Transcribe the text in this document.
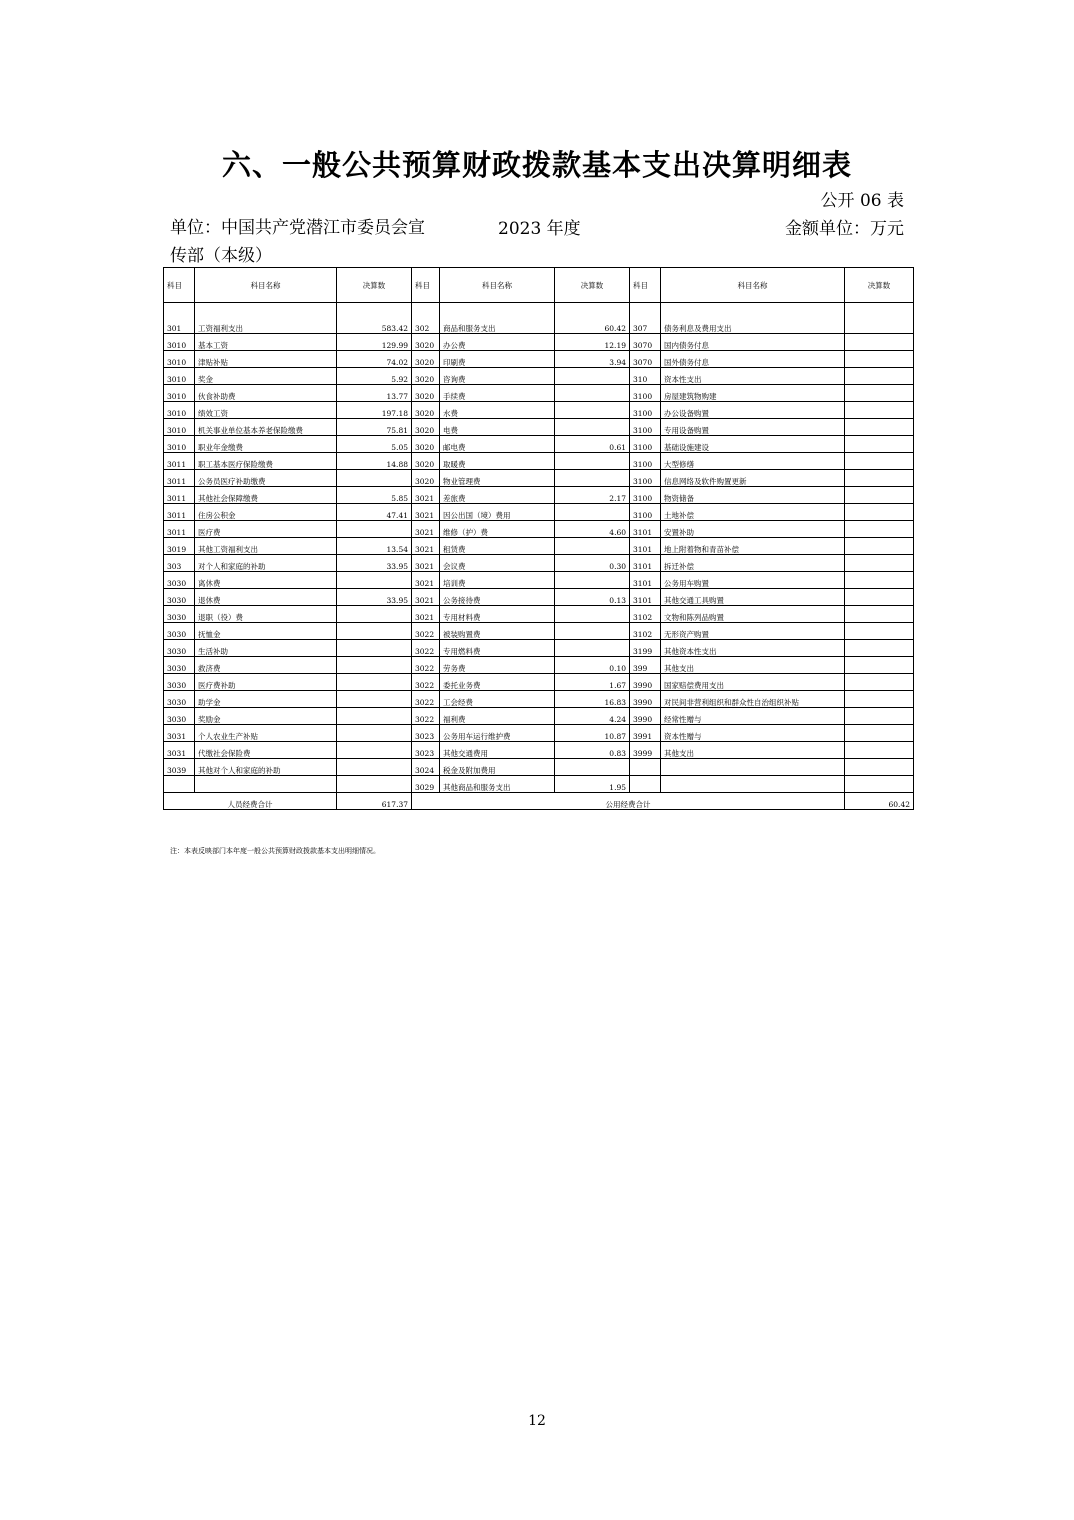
六、一般公共预算财政拨款基本支出决算明细表
公开 06 表
单位：中国共产党潜江市委员会宣
传部（本级）
2023 年度	金额单位：万元
科目	科目名称	决算数	科目	科目名称	决算数	科目	科目名称	决算数
301	工资福利支出	583.42	302	商品和服务支出	60.42	307	债务利息及费用支出	
3010	基本工资	129.99	3020	办公费	12.19	3070	国内债务付息	
3010	津贴补贴	74.02	3020	印刷费	3.94	3070	国外债务付息	
3010	奖金	5.92	3020	咨询费		310	资本性支出	
3010	伙食补助费	13.77	3020	手续费		3100	房屋建筑物购建	
3010	绩效工资	197.18	3020	水费		3100	办公设备购置	
3010	机关事业单位基本养老保险缴费	75.81	3020	电费		3100	专用设备购置	
3010	职业年金缴费	5.05	3020	邮电费	0.61	3100	基础设施建设	
3011	职工基本医疗保险缴费	14.88	3020	取暖费		3100	大型修缮	
3011	公务员医疗补助缴费		3020	物业管理费		3100	信息网络及软件购置更新	
3011	其他社会保障缴费	5.85	3021	差旅费	2.17	3100	物资储备	
3011	住房公积金	47.41	3021	因公出国（境）费用		3100	土地补偿	
3011	医疗费		3021	维修（护）费	4.60	3101	安置补助	
3019	其他工资福利支出	13.54	3021	租赁费		3101	地上附着物和青苗补偿	
303	对个人和家庭的补助	33.95	3021	会议费	0.30	3101	拆迁补偿	
3030	离休费		3021	培训费		3101	公务用车购置	
3030	退休费	33.95	3021	公务接待费	0.13	3101	其他交通工具购置	
3030	退职（役）费		3021	专用材料费		3102	文物和陈列品购置	
3030	抚恤金		3022	被装购置费		3102	无形资产购置	
3030	生活补助		3022	专用燃料费		3199	其他资本性支出	
3030	救济费		3022	劳务费	0.10	399	其他支出	
3030	医疗费补助		3022	委托业务费	1.67	3990	国家赔偿费用支出	
3030	助学金		3022	工会经费	16.83	3990	对民间非营利组织和群众性自治组织补贴	
3030	奖励金		3022	福利费	4.24	3990	经常性赠与	
3031	个人农业生产补贴		3023	公务用车运行维护费	10.87	3991	资本性赠与	
3031	代缴社会保险费		3023	其他交通费用	0.83	3999	其他支出	
3039	其他对个人和家庭的补助		3024	税金及附加费用				
			3029	其他商品和服务支出	1.95			
人员经费合计		617.37	公用经费合计					60.42
注：本表反映部门本年度一般公共预算财政拨款基本支出明细情况。
12
